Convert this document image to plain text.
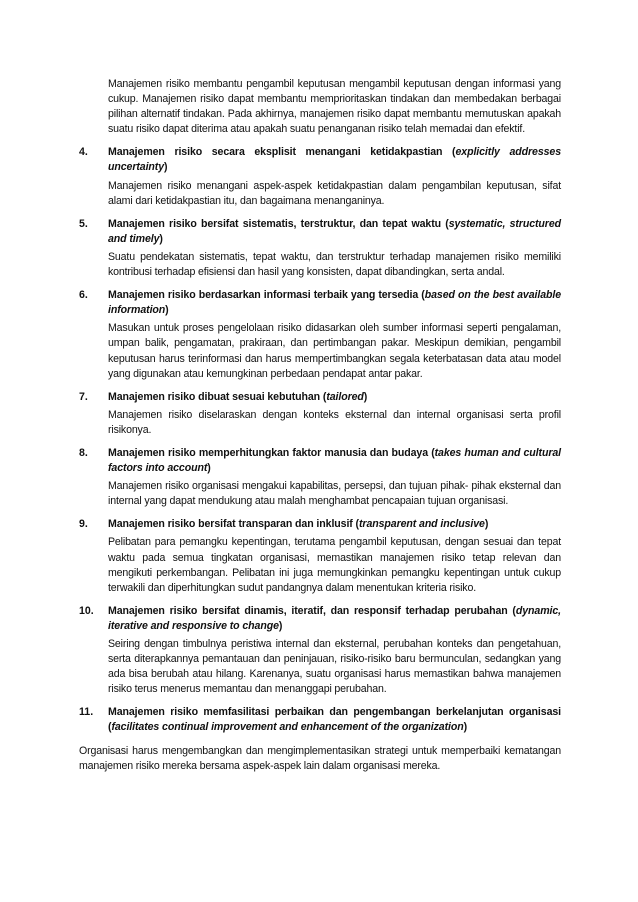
Manajemen risiko membantu pengambil keputusan mengambil keputusan dengan informasi yang cukup. Manajemen risiko dapat membantu memprioritaskan tindakan dan membedakan berbagai pilihan alternatif tindakan. Pada akhirnya, manajemen risiko dapat membantu memutuskan apakah suatu risiko dapat diterima atau apakah suatu penanganan risiko telah memadai dan efektif.

4.	Manajemen risiko secara eksplisit menangani ketidakpastian (explicitly addresses uncertainty)

Manajemen risiko menangani aspek-aspek ketidakpastian dalam pengambilan keputusan, sifat alami dari ketidakpastian itu, dan bagaimana menanganinya.

5.	Manajemen risiko bersifat sistematis, terstruktur, dan tepat waktu (systematic, structured and timely)

Suatu pendekatan sistematis, tepat waktu, dan terstruktur terhadap manajemen risiko memiliki kontribusi terhadap efisiensi dan hasil yang konsisten, dapat dibandingkan, serta andal.

6.	Manajemen risiko berdasarkan informasi terbaik yang tersedia (based on the best available information)

Masukan untuk proses pengelolaan risiko didasarkan oleh sumber informasi seperti pengalaman, umpan balik, pengamatan, prakiraan, dan pertimbangan pakar. Meskipun demikian, pengambil keputusan harus terinformasi dan harus mempertimbangkan segala keterbatasan data atau model yang digunakan atau kemungkinan perbedaan pendapat antar pakar.

7.	Manajemen risiko dibuat sesuai kebutuhan (tailored)

Manajemen risiko diselaraskan dengan konteks eksternal dan internal organisasi serta profil risikonya.

8.	Manajemen risiko memperhitungkan faktor manusia dan budaya (takes human and cultural factors into account)

Manajemen risiko organisasi mengakui kapabilitas, persepsi, dan tujuan pihak- pihak eksternal dan internal yang dapat mendukung atau malah menghambat pencapaian tujuan organisasi.

9.	Manajemen risiko bersifat transparan dan inklusif (transparent and inclusive)

Pelibatan para pemangku kepentingan, terutama pengambil keputusan, dengan sesuai dan tepat waktu pada semua tingkatan organisasi, memastikan manajemen risiko tetap relevan dan mengikuti perkembangan. Pelibatan ini juga memungkinkan pemangku kepentingan untuk cukup terwakili dan diperhitungkan sudut pandangnya dalam menentukan kriteria risiko.

10.	Manajemen risiko bersifat dinamis, iteratif, dan responsif terhadap perubahan (dynamic, iterative and responsive to change)

Seiring dengan timbulnya peristiwa internal dan eksternal, perubahan konteks dan pengetahuan, serta diterapkannya pemantauan dan peninjauan, risiko-risiko baru bermunculan, sedangkan yang ada bisa berubah atau hilang. Karenanya, suatu organisasi harus memastikan bahwa manajemen risiko terus menerus memantau dan menanggapi perubahan.

11.	Manajemen risiko memfasilitasi perbaikan dan pengembangan berkelanjutan organisasi (facilitates continual improvement and enhancement of the organization)

Organisasi harus mengembangkan dan mengimplementasikan strategi untuk memperbaiki kematangan manajemen risiko mereka bersama aspek-aspek lain dalam organisasi mereka.
